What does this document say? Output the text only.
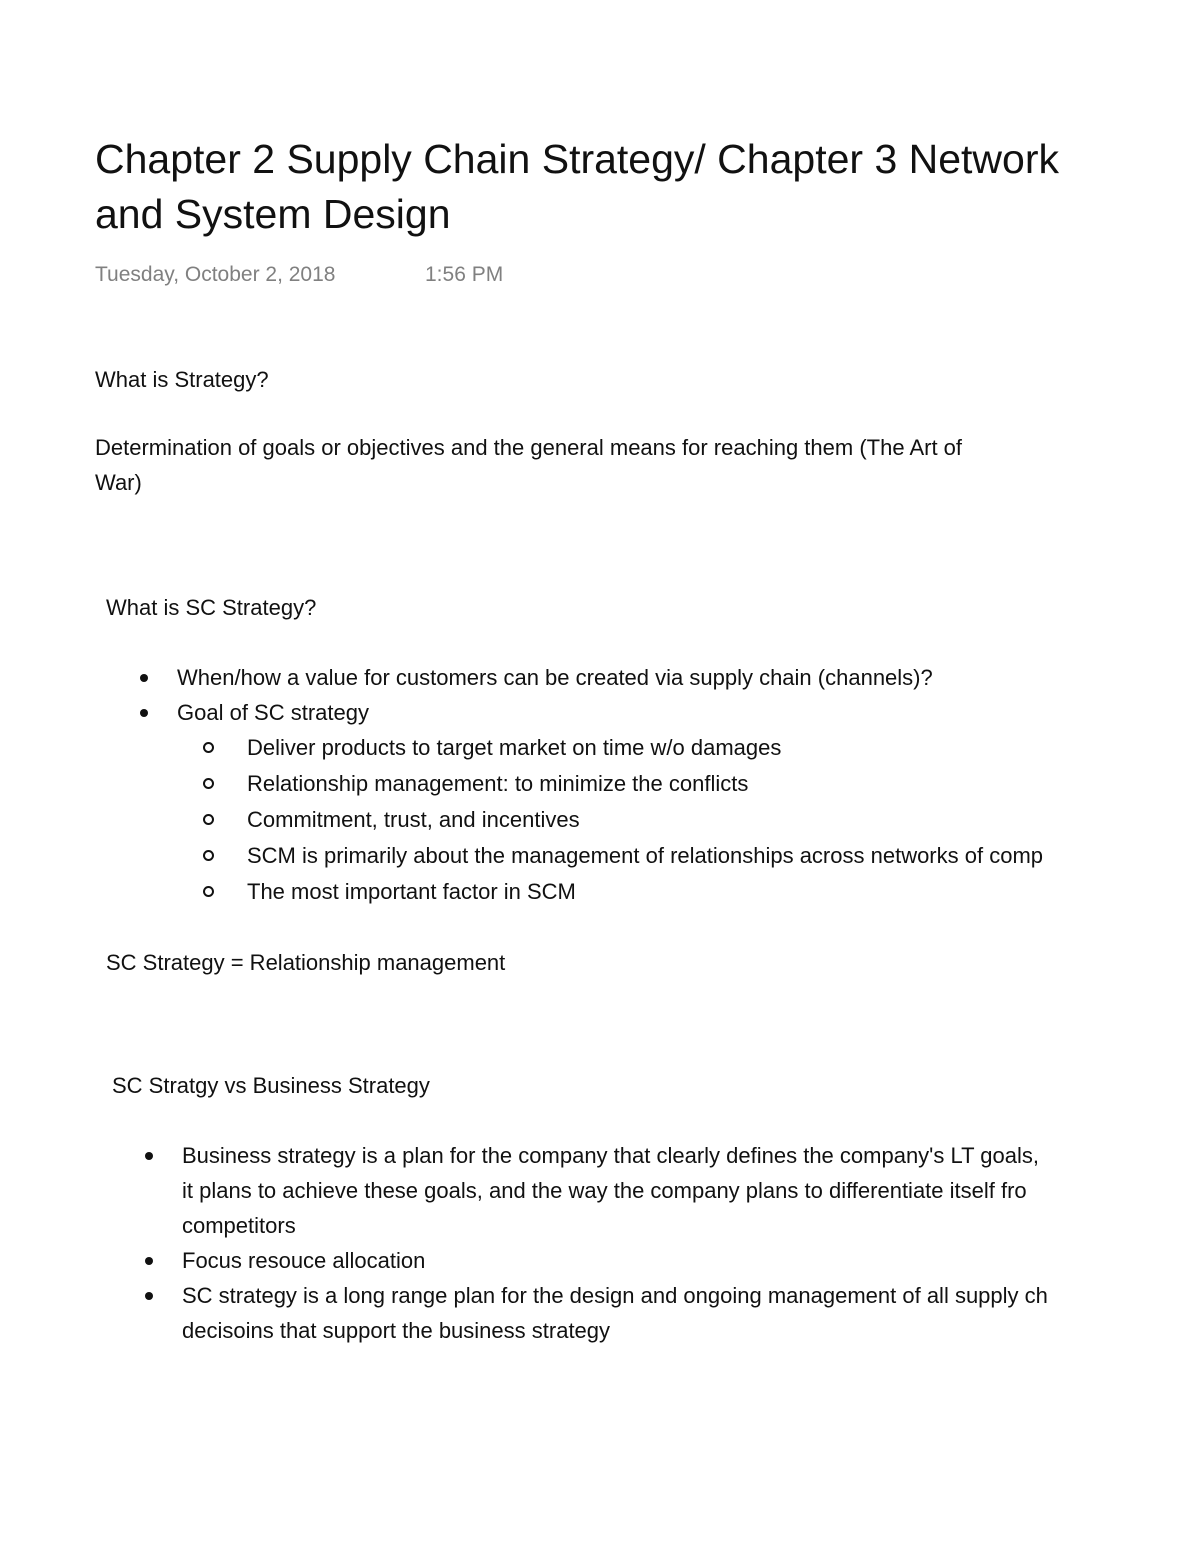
Chapter 2 Supply Chain Strategy/ Chapter 3 Network
and System Design
Tuesday, October 2, 2018	1:56 PM

What is Strategy?

Determination of goals or objectives and the general means for reaching them (The Art of

War)

What is SC Strategy?

When/how a value for customers can be created via supply chain (channels)?
Goal of SC strategy
Deliver products to target market on time w/o damages
Relationship management: to minimize the conflicts
Commitment, trust, and incentives
SCM is primarily about the management of relationships across networks of comp
The most important factor in SCM

SC Strategy = Relationship management

SC Stratgy vs Business Strategy

Business strategy is a plan for the company that clearly defines the company's LT goals,
it plans to achieve these goals, and the way the company plans to differentiate itself fro
competitors
Focus resouce allocation
SC strategy is a long range plan for the design and ongoing management of all supply ch
decisoins that support the business strategy
